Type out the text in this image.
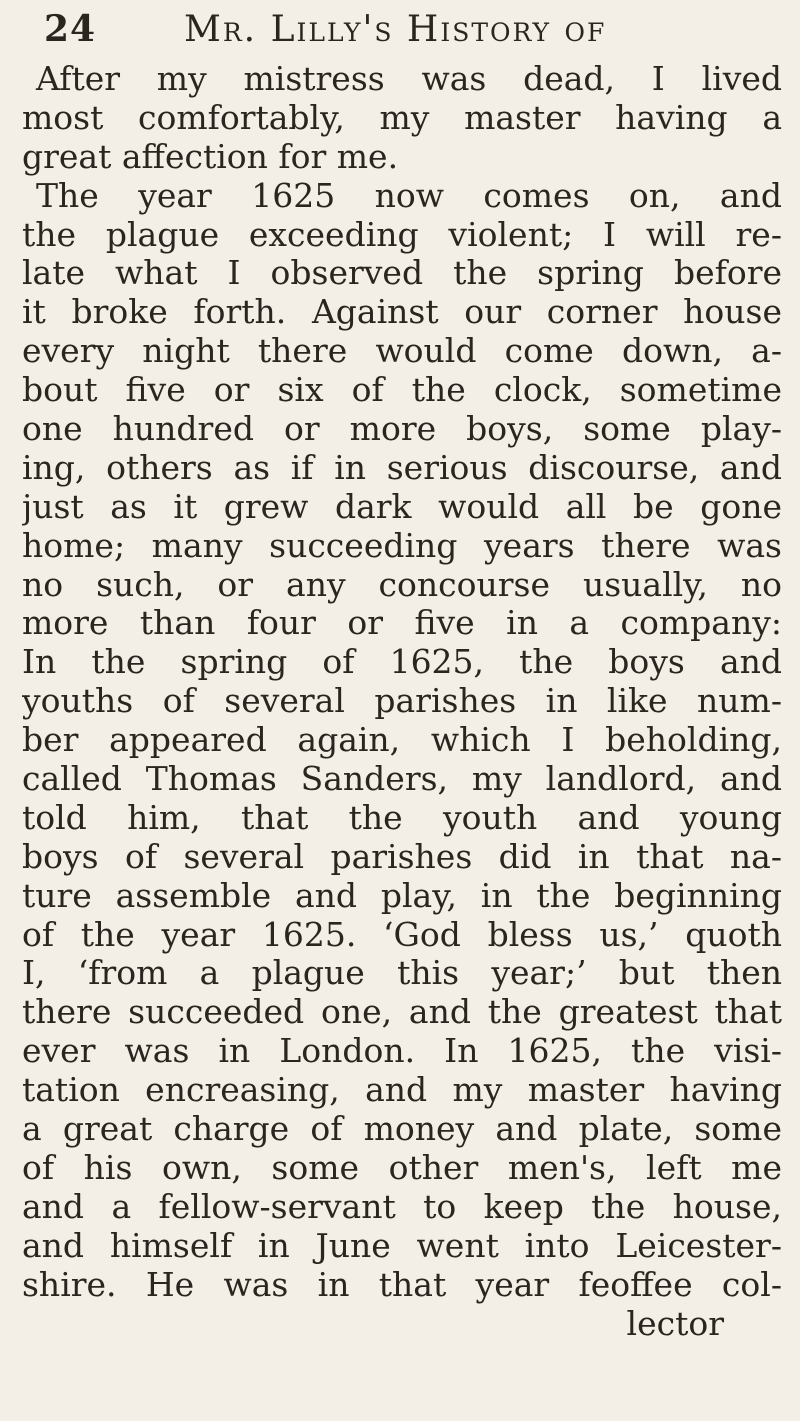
24	Mr. Lilly's History of
After my mistress was dead, I lived
most comfortably, my master having a
great affection for me.
The year 1625 now comes on, and
the plague exceeding violent; I will re-
late what I observed the spring before
it broke forth. Against our corner house
every night there would come down, a-
bout five or six of the clock, sometime
one hundred or more boys, some play-
ing, others as if in serious discourse, and
just as it grew dark would all be gone
home; many succeeding years there was
no such, or any concourse usually, no
more than four or five in a company:
In the spring of 1625, the boys and
youths of several parishes in like num-
ber appeared again, which I beholding,
called Thomas Sanders, my landlord, and
told him, that the youth and young
boys of several parishes did in that na-
ture assemble and play, in the beginning
of the year 1625. ‘God bless us,’ quoth
I, ‘from a plague this year;’ but then
there succeeded one, and the greatest that
ever was in London. In 1625, the visi-
tation encreasing, and my master having
a great charge of money and plate, some
of his own, some other men's, left me
and a fellow-servant to keep the house,
and himself in June went into Leicester-
shire. He was in that year feoffee col-
lector
